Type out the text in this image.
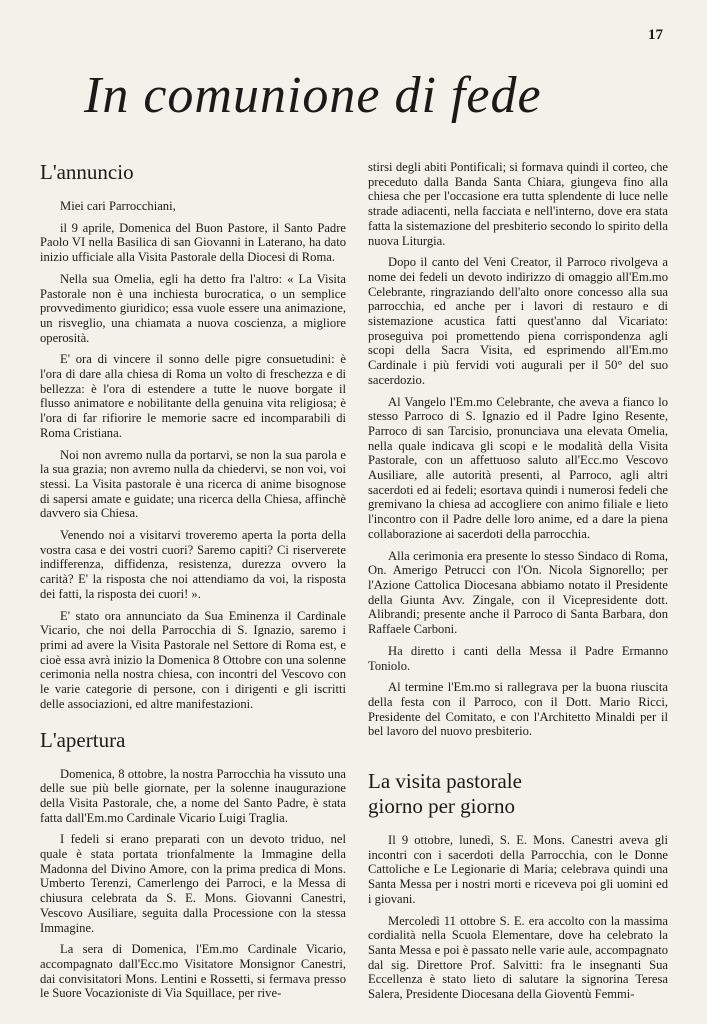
17
In comunione di fede
L'annuncio

Miei cari Parrocchiani,

il 9 aprile, Domenica del Buon Pastore, il Santo Padre Paolo VI nella Basilica di san Giovanni in Laterano, ha dato inizio ufficiale alla Visita Pastorale della Diocesi di Roma.

Nella sua Omelia, egli ha detto fra l'altro: « La Visita Pastorale non è una inchiesta burocratica, o un semplice provvedimento giuridico; essa vuole essere una animazione, un risveglio, una chiamata a nuova coscienza, a migliore operosità.

E' ora di vincere il sonno delle pigre consuetudini: è l'ora di dare alla chiesa di Roma un volto di freschezza e di bellezza: è l'ora di estendere a tutte le nuove borgate il flusso animatore e nobilitante della genuina vita religiosa; è l'ora di far rifiorire le memorie sacre ed incomparabili di Roma Cristiana.

Noi non avremo nulla da portarvi, se non la sua parola e la sua grazia; non avremo nulla da chiedervi, se non voi, voi stessi. La Visita pastorale è una ricerca di anime bisognose di sapersi amate e guidate; una ricerca della Chiesa, affinchè davvero sia Chiesa.

Venendo noi a visitarvi troveremo aperta la porta della vostra casa e dei vostri cuori? Saremo capiti? Ci riserverete indifferenza, diffidenza, resistenza, durezza ovvero la carità? E' la risposta che noi attendiamo da voi, la risposta dei fatti, la risposta dei cuori! ».

E' stato ora annunciato da Sua Eminenza il Cardinale Vicario, che noi della Parrocchia di S. Ignazio, saremo i primi ad avere la Visita Pastorale nel Settore di Roma est, e cioè essa avrà inizio la Domenica 8 Ottobre con una solenne cerimonia nella nostra chiesa, con incontri del Vescovo con le varie categorie di persone, con i dirigenti e gli iscritti delle associazioni, ed altre manifestazioni.

L'apertura

Domenica, 8 ottobre, la nostra Parrocchia ha vissuto una delle sue più belle giornate, per la solenne inaugurazione della Visita Pastorale, che, a nome del Santo Padre, è stata fatta dall'Em.mo Cardinale Vicario Luigi Traglia.

I fedeli si erano preparati con un devoto triduo, nel quale è stata portata trionfalmente la Immagine della Madonna del Divino Amore, con la prima predica di Mons. Umberto Terenzi, Camerlengo dei Parroci, e la Messa di chiusura celebrata da S. E. Mons. Giovanni Canestri, Vescovo Ausiliare, seguita dalla Processione con la stessa Immagine.

La sera di Domenica, l'Em.mo Cardinale Vicario, accompagnato dall'Ecc.mo Visitatore Monsignor Canestri, dai convisitatori Mons. Lentini e Rossetti, si fermava presso le Suore Vocazioniste di Via Squillace, per rive-

stirsi degli abiti Pontificali; si formava quindi il corteo, che preceduto dalla Banda Santa Chiara, giungeva fino alla chiesa che per l'occasione era tutta splendente di luce nelle strade adiacenti, nella facciata e nell'interno, dove era stata fatta la sistemazione del presbiterio secondo lo spirito della nuova Liturgia.

Dopo il canto del Veni Creator, il Parroco rivolgeva a nome dei fedeli un devoto indirizzo di omaggio all'Em.mo Celebrante, ringraziando dell'alto onore concesso alla sua parrocchia, ed anche per i lavori di restauro e di sistemazione acustica fatti quest'anno dal Vicariato: proseguiva poi promettendo piena corrispondenza agli scopi della Sacra Visita, ed esprimendo all'Em.mo Cardinale i più fervidi voti augurali per il 50° del suo sacerdozio.

Al Vangelo l'Em.mo Celebrante, che aveva a fianco lo stesso Parroco di S. Ignazio ed il Padre Igino Resente, Parroco di san Tarcisio, pronunciava una elevata Omelia, nella quale indicava gli scopi e le modalità della Visita Pastorale, con un affettuoso saluto all'Ecc.mo Vescovo Ausiliare, alle autorità presenti, al Parroco, agli altri sacerdoti ed ai fedeli; esortava quindi i numerosi fedeli che gremivano la chiesa ad accogliere con animo filiale e lieto l'incontro con il Padre delle loro anime, ed a dare la piena collaborazione ai sacerdoti della parrocchia.

Alla cerimonia era presente lo stesso Sindaco di Roma, On. Amerigo Petrucci con l'On. Nicola Signorello; per l'Azione Cattolica Diocesana abbiamo notato il Presidente della Giunta Avv. Zingale, con il Vicepresidente dott. Alibrandi; presente anche il Parroco di Santa Barbara, don Raffaele Carboni.

Ha diretto i canti della Messa il Padre Ermanno Toniolo.

Al termine l'Em.mo si rallegrava per la buona riuscita della festa con il Parroco, con il Dott. Mario Ricci, Presidente del Comitato, e con l'Architetto Minaldi per il bel lavoro del nuovo presbiterio.

La visita pastorale
giorno per giorno

Il 9 ottobre, lunedì, S. E. Mons. Canestri aveva gli incontri con i sacerdoti della Parrocchia, con le Donne Cattoliche e Le Legionarie di Maria; celebrava quindi una Santa Messa per i nostri morti e riceveva poi gli uomini ed i giovani.

Mercoledì 11 ottobre S. E. era accolto con la massima cordialità nella Scuola Elementare, dove ha celebrato la Santa Messa e poi è passato nelle varie aule, accompagnato dal sig. Direttore Prof. Salvitti: fra le insegnanti Sua Eccellenza è stato lieto di salutare la signorina Teresa Salera, Presidente Diocesana della Gioventù Femmi-
